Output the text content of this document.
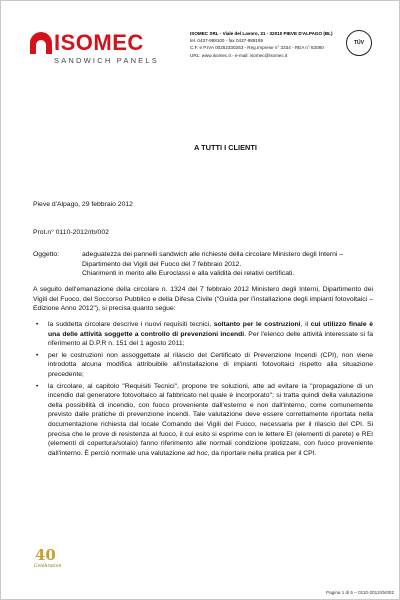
ISOMEC
SANDWICH PANELS
ISOMEC SRL - Viale del Lavoro, 31 - 32010 PIEVE D'ALPAGO (BL)
tel. 0437-988100 - fax 0437-988198
C.F. e P.IVA 00252330253 - Reg.Imprese n° 3334 - REA n° 53080
URL: www.isomec.it - e-mail: isomec@isomec.it
TÜV
A TUTTI I CLIENTI
Pieve d'Alpago, 29 febbraio 2012
Prot.n° 0110-2012/rb/002
Oggetto:	adeguatezza dei pannelli sandwich alle richieste della circolare Ministero degli Interni –
Dipartimento dei Vigili del Fuoco del 7 febbraio 2012.
Chiarimenti in merito alle Euroclassi e alla validità dei relativi certificati.
A seguito dell'emanazione della circolare n. 1324 del 7 febbraio 2012 Ministero degli Interni, Dipartimento dei Vigili del Fuoco, del Soccorso Pubblico e della Difesa Civile ("Guida per l'installazione degli impianti fotovoltaici – Edizione Anno 2012"), si precisa quanto segue:
• la suddetta circolare descrive i nuovi requisiti tecnici, soltanto per le costruzioni, il cui utilizzo finale è una delle attività soggette a controllo di prevenzioni incendi. Per l'elenco delle attività interessate si fa riferimento al D.P.R n. 151 del 1 agosto 2011;
• per le costruzioni non assoggettate al rilascio del Certificato di Prevenzione Incendi (CPI), non viene introdotta alcuna modifica attribuibile all'installazione di impianti fotovoltaici rispetto alla situazione precedente;
• la circolare, al capitolo "Requisiti Tecnici", propone tre soluzioni, atte ad evitare la "propagazione di un incendio dal generatore fotovoltaico al fabbricato nel quale è incorporato"; si tratta quindi della valutazione della possibilità di incendio, con fuoco proveniente dall'esterno e non dall'interno, come comunemente previsto dalle pratiche di prevenzione incendi. Tale valutazione deve essere correttamente riportata nella documentazione richiesta dal locale Comando dei Vigili del Fuoco, necessaria per il rilascio del CPI. Si precisa che le prove di resistenza al fuoco, il cui esito si esprime con le lettere EI (elementi di parete) e REI (elementi di copertura/solaio) fanno riferimento alle normali condizione ipotizzate, con fuoco proveniente dall'interno. È perciò normale una valutazione ad hoc, da riportare nella pratica per il CPI.
40
Celebration
Pagina 1 di 5 – 0110-2012/rb/002
